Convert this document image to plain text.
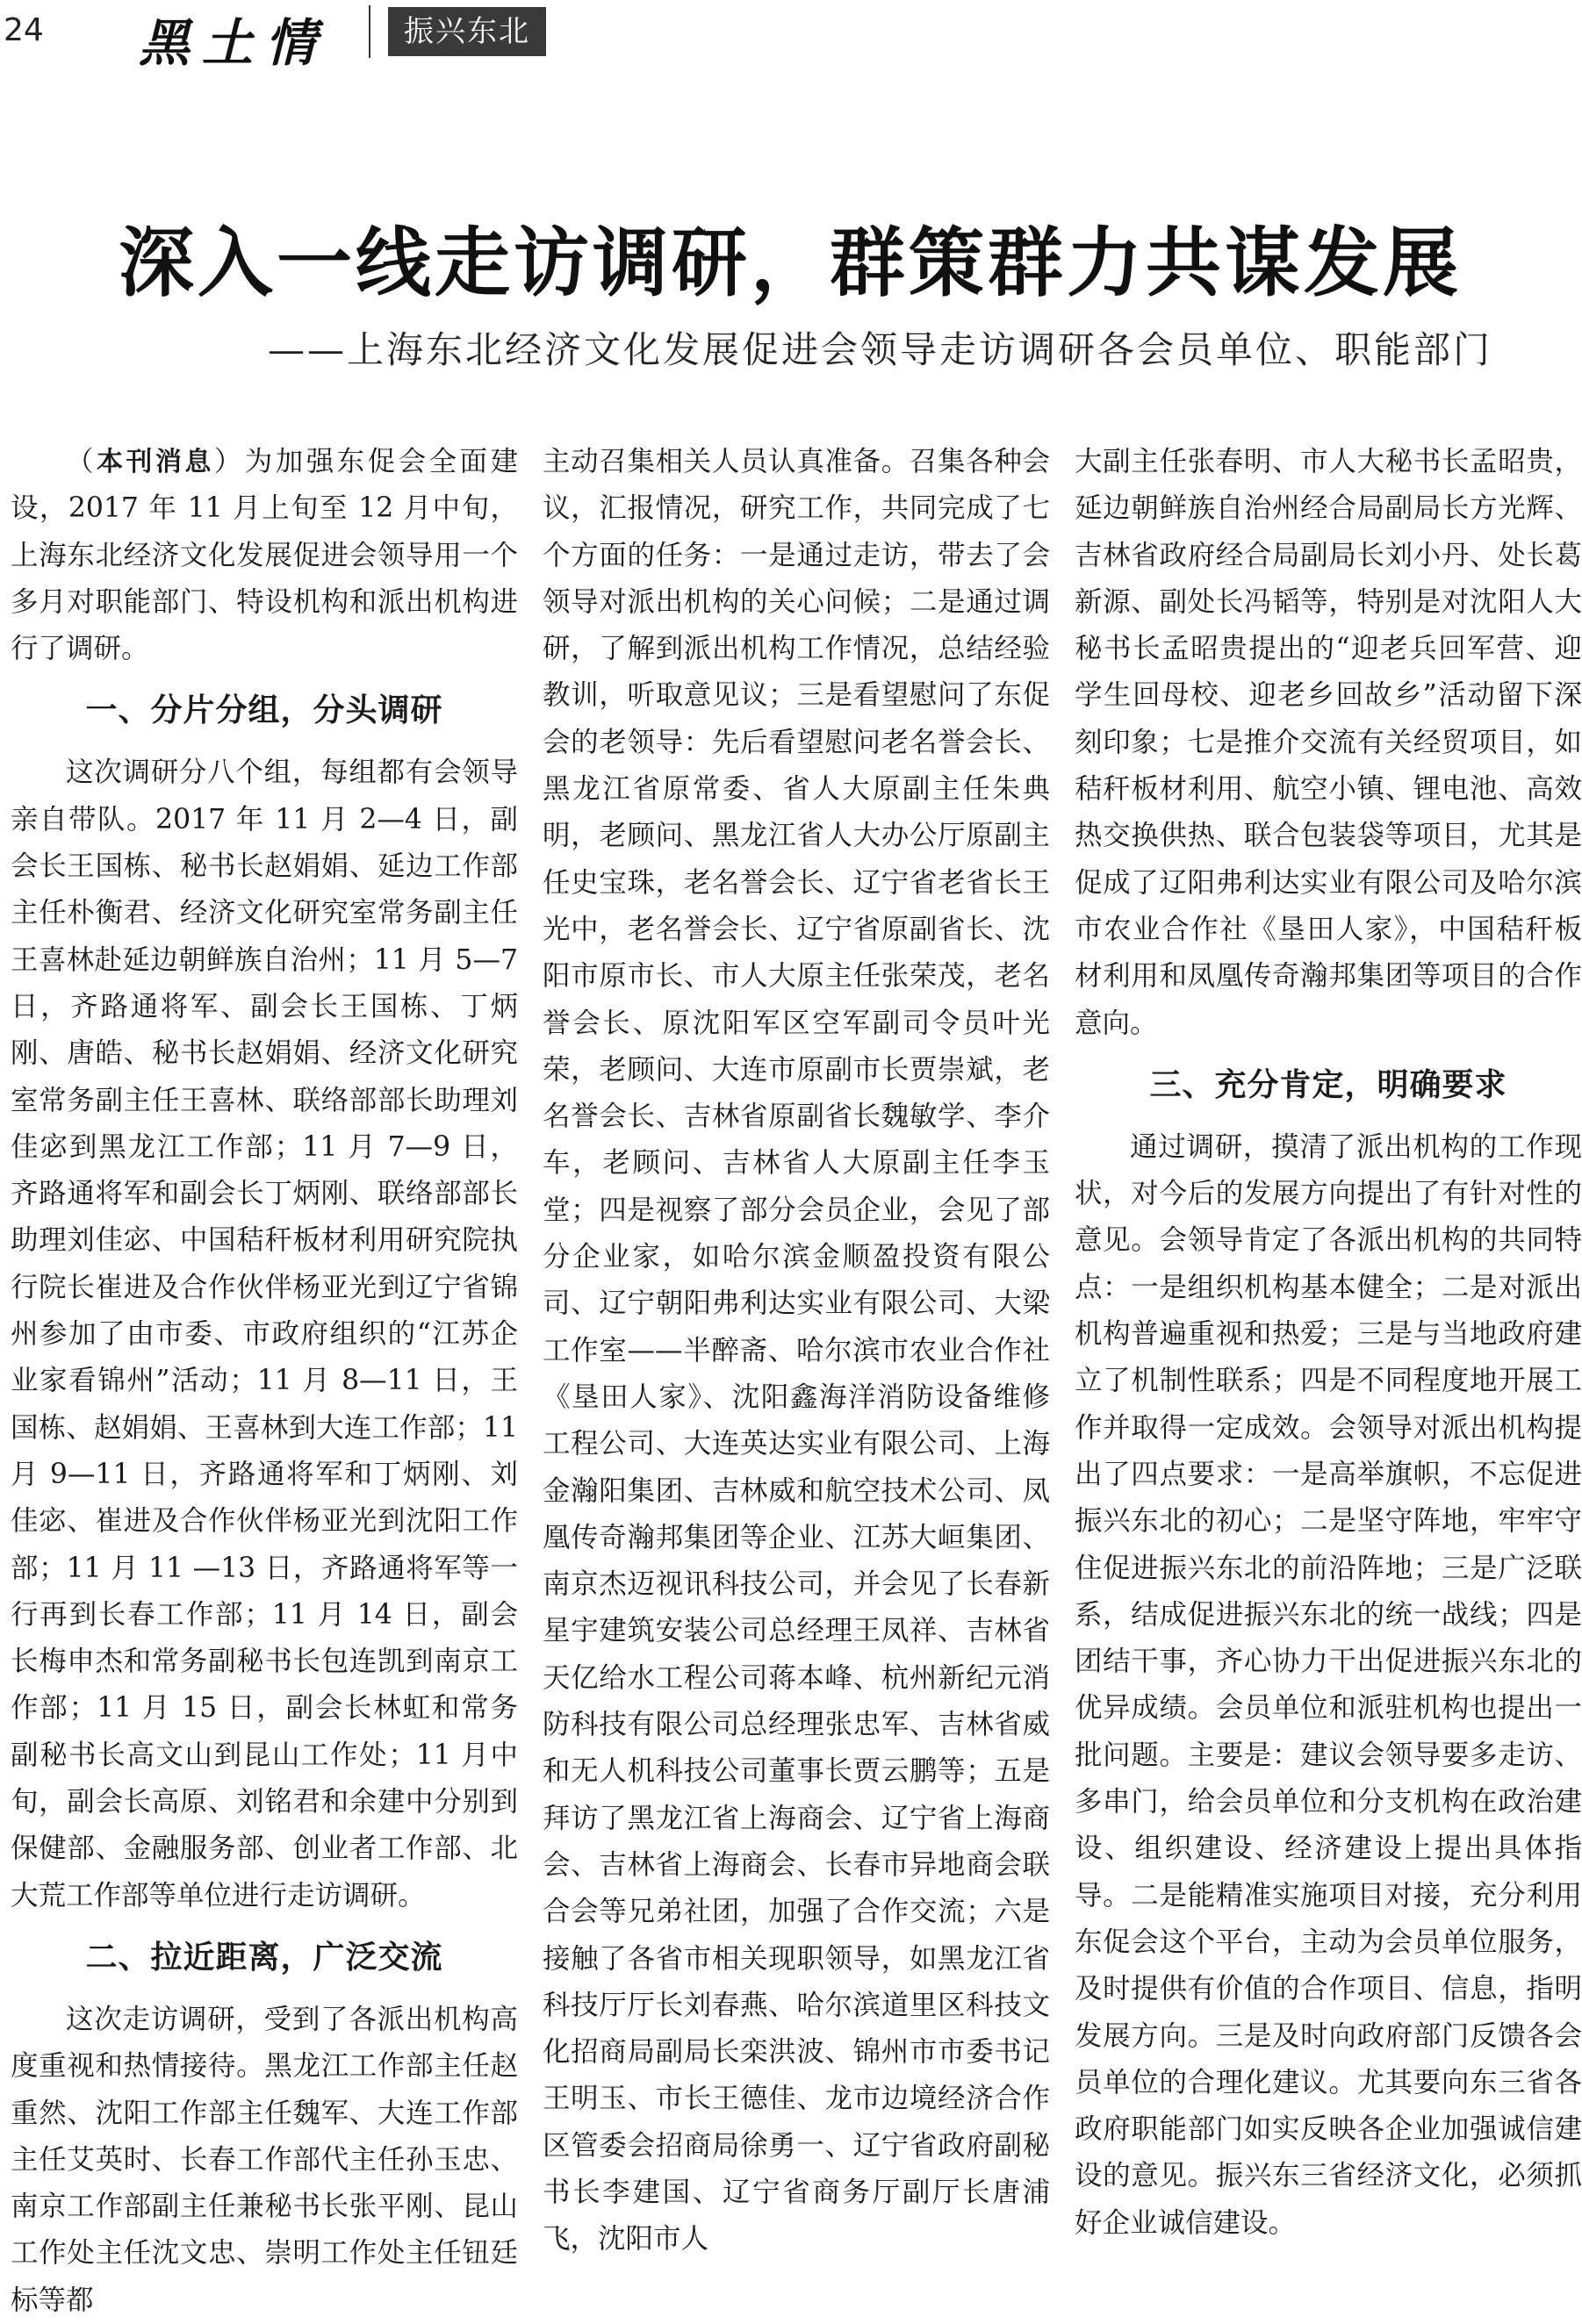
24 黑土情	振兴东北
深入一线走访调研，群策群力共谋发展
——上海东北经济文化发展促进会领导走访调研各会员单位、职能部门

（本刊消息）为加强东促会全面建设，2017 年 11 月上旬至 12 月中旬，上海东北经济文化发展促进会领导用一个多月对职能部门、特设机构和派出机构进行了调研。

一、分片分组，分头调研

这次调研分八个组，每组都有会领导亲自带队。2017 年 11 月 2—4 日，副会长王国栋、秘书长赵娟娟、延边工作部主任朴衡君、经济文化研究室常务副主任王喜林赴延边朝鲜族自治州；11 月 5—7 日，齐路通将军、副会长王国栋、丁炳刚、唐皓、秘书长赵娟娟、经济文化研究室常务副主任王喜林、联络部部长助理刘佳宓到黑龙江工作部；11 月 7—9 日，齐路通将军和副会长丁炳刚、联络部部长助理刘佳宓、中国秸秆板材利用研究院执行院长崔进及合作伙伴杨亚光到辽宁省锦州参加了由市委、市政府组织的“江苏企业家看锦州”活动；11 月 8—11 日，王国栋、赵娟娟、王喜林到大连工作部；11 月 9—11 日，齐路通将军和丁炳刚、刘佳宓、崔进及合作伙伴杨亚光到沈阳工作部；11 月 11 —13 日，齐路通将军等一行再到长春工作部；11 月 14 日，副会长梅申杰和常务副秘书长包连凯到南京工作部；11 月 15 日，副会长林虹和常务副秘书长高文山到昆山工作处；11 月中旬，副会长高原、刘铭君和余建中分别到保健部、金融服务部、创业者工作部、北大荒工作部等单位进行走访调研。

二、拉近距离，广泛交流

这次走访调研，受到了各派出机构高度重视和热情接待。黑龙江工作部主任赵重然、沈阳工作部主任魏军、大连工作部主任艾英时、长春工作部代主任孙玉忠、南京工作部副主任兼秘书长张平刚、昆山工作处主任沈文忠、崇明工作处主任钮廷标等都

主动召集相关人员认真准备。召集各种会议，汇报情况，研究工作，共同完成了七个方面的任务：一是通过走访，带去了会领导对派出机构的关心问候；二是通过调研，了解到派出机构工作情况，总结经验教训，听取意见议；三是看望慰问了东促会的老领导：先后看望慰问老名誉会长、黑龙江省原常委、省人大原副主任朱典明，老顾问、黑龙江省人大办公厅原副主任史宝珠，老名誉会长、辽宁省老省长王光中，老名誉会长、辽宁省原副省长、沈阳市原市长、市人大原主任张荣茂，老名誉会长、原沈阳军区空军副司令员叶光荣，老顾问、大连市原副市长贾崇斌，老名誉会长、吉林省原副省长魏敏学、李介车，老顾问、吉林省人大原副主任李玉堂；四是视察了部分会员企业，会见了部分企业家，如哈尔滨金顺盈投资有限公司、辽宁朝阳弗利达实业有限公司、大梁工作室——半醉斋、哈尔滨市农业合作社《垦田人家》、沈阳鑫海洋消防设备维修工程公司、大连英达实业有限公司、上海金瀚阳集团、吉林威和航空技术公司、凤凰传奇瀚邦集团等企业、江苏大峘集团、南京杰迈视讯科技公司，并会见了长春新星宇建筑安装公司总经理王凤祥、吉林省天亿给水工程公司蒋本峰、杭州新纪元消防科技有限公司总经理张忠军、吉林省威和无人机科技公司董事长贾云鹏等；五是拜访了黑龙江省上海商会、辽宁省上海商会、吉林省上海商会、长春市异地商会联合会等兄弟社团，加强了合作交流；六是接触了各省市相关现职领导，如黑龙江省科技厅厅长刘春燕、哈尔滨道里区科技文化招商局副局长栾洪波、锦州市市委书记王明玉、市长王德佳、龙市边境经济合作区管委会招商局徐勇一、辽宁省政府副秘书长李建国、辽宁省商务厅副厅长唐浦飞，沈阳市人

大副主任张春明、市人大秘书长孟昭贵，延边朝鲜族自治州经合局副局长方光辉、吉林省政府经合局副局长刘小丹、处长葛新源、副处长冯韬等，特别是对沈阳人大秘书长孟昭贵提出的“迎老兵回军营、迎学生回母校、迎老乡回故乡”活动留下深刻印象；七是推介交流有关经贸项目，如秸秆板材利用、航空小镇、锂电池、高效热交换供热、联合包装袋等项目，尤其是促成了辽阳弗利达实业有限公司及哈尔滨市农业合作社《垦田人家》，中国秸秆板材利用和凤凰传奇瀚邦集团等项目的合作意向。

三、充分肯定，明确要求

通过调研，摸清了派出机构的工作现状，对今后的发展方向提出了有针对性的意见。会领导肯定了各派出机构的共同特点：一是组织机构基本健全；二是对派出机构普遍重视和热爱；三是与当地政府建立了机制性联系；四是不同程度地开展工作并取得一定成效。会领导对派出机构提出了四点要求：一是高举旗帜，不忘促进振兴东北的初心；二是坚守阵地，牢牢守住促进振兴东北的前沿阵地；三是广泛联系，结成促进振兴东北的统一战线；四是团结干事，齐心协力干出促进振兴东北的优异成绩。会员单位和派驻机构也提出一批问题。主要是：建议会领导要多走访、多串门，给会员单位和分支机构在政治建设、组织建设、经济建设上提出具体指导。二是能精准实施项目对接，充分利用东促会这个平台，主动为会员单位服务，及时提供有价值的合作项目、信息，指明发展方向。三是及时向政府部门反馈各会员单位的合理化建议。尤其要向东三省各政府职能部门如实反映各企业加强诚信建设的意见。振兴东三省经济文化，必须抓好企业诚信建设。
